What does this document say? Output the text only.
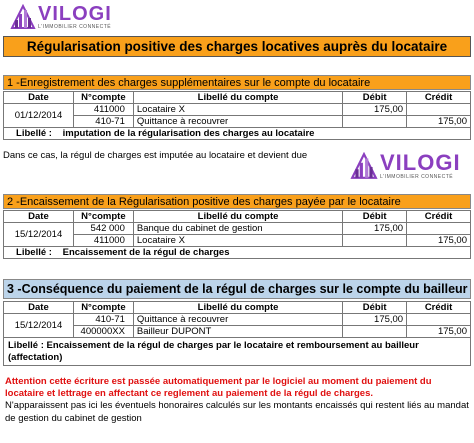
VILOGI
L'IMMOBILIER CONNECTÉ
Régularisation positive des charges locatives auprès du locataire
1 -Enregistrement des charges supplémentaires sur le compte du locataire
Date	N°compte	Libellé du compte	Débit	Crédit
01/12/2014	411000	Locataire X	175,00	
	410-71	Quittance à recouvrer		175,00
Libellé : imputation de la régularisation des charges au locataire				
Dans ce cas, la régul de charges est imputée au locataire et devient due	VILOGI
L'IMMOBILIER CONNECTÉ
2 -Encaissement de la Régularisation positive des charges payée par le locataire
Date	N°compte	Libellé du compte	Débit	Crédit
15/12/2014	542 000	Banque du cabinet de gestion	175,00	
	411000	Locataire X		175,00
Libellé : Encaissement de la régul de charges				
3 -Conséquence du paiement de la régul de charges sur le compte du bailleur
Date	N°compte	Libellé du compte	Débit	Crédit
15/12/2014	410-71	Quittance à recouvrer	175,00	
	400000XX	Bailleur DUPONT		175,00
Libellé : Encaissement de la régul de charges par le locataire et remboursement au bailleur
(affectation)				
Attention cette écriture est passée automatiquement par le logiciel au moment du paiement du locataire et lettrage en affectant ce reglement au paiement de la régul de charges.
N'apparaissent pas ici les éventuels honoraires calculés sur les montants encaissés qui restent liés au mandat de gestion du cabinet de gestion
